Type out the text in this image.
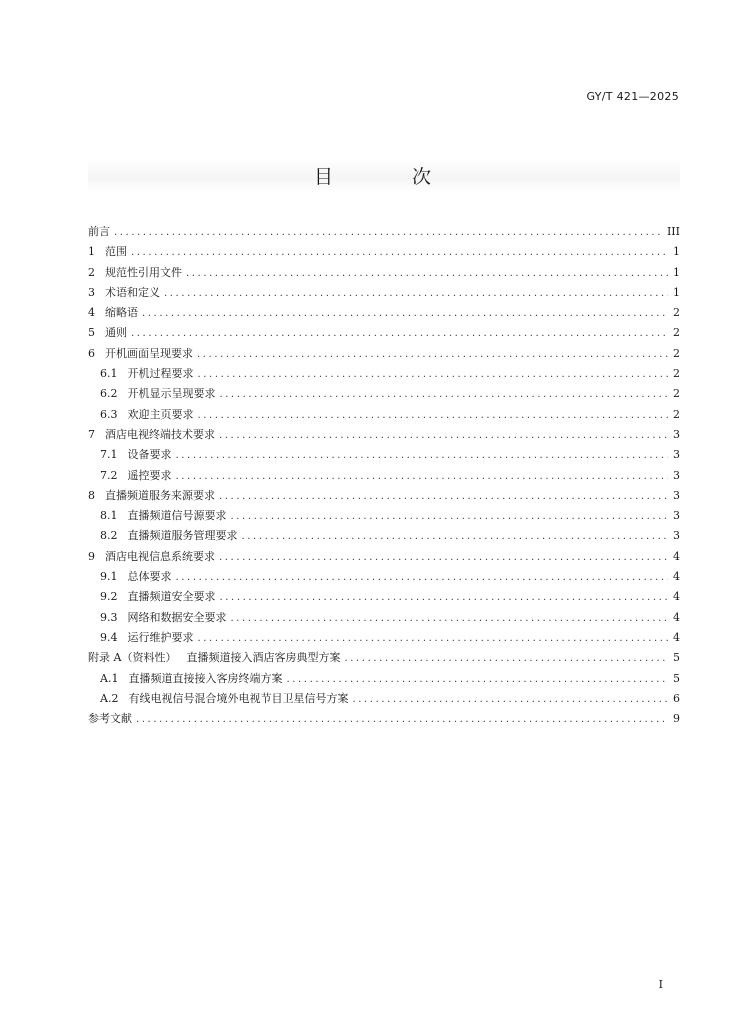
GY/T 421—2025
目　次
前言 .....	III
1 范围 .....	1
2 规范性引用文件 .....	1
3 术语和定义 .....	1
4 缩略语 .....	2
5 通则 .....	2
6 开机画面呈现要求 .....	2
6.1 开机过程要求 .....	2
6.2 开机显示呈现要求 .....	2
6.3 欢迎主页要求 .....	2
7 酒店电视终端技术要求 .....	3
7.1 设备要求 .....	3
7.2 遥控要求 .....	3
8 直播频道服务来源要求 .....	3
8.1 直播频道信号源要求 .....	3
8.2 直播频道服务管理要求 .....	3
9 酒店电视信息系统要求 .....	4
9.1 总体要求 .....	4
9.2 直播频道安全要求 .....	4
9.3 网络和数据安全要求 .....	4
9.4 运行维护要求 .....	4
附录 A（资料性） 直播频道接入酒店客房典型方案 .....	5
A.1 直播频道直接接入客房终端方案 .....	5
A.2 有线电视信号混合境外电视节目卫星信号方案 .....	6
参考文献 .....	9
I
